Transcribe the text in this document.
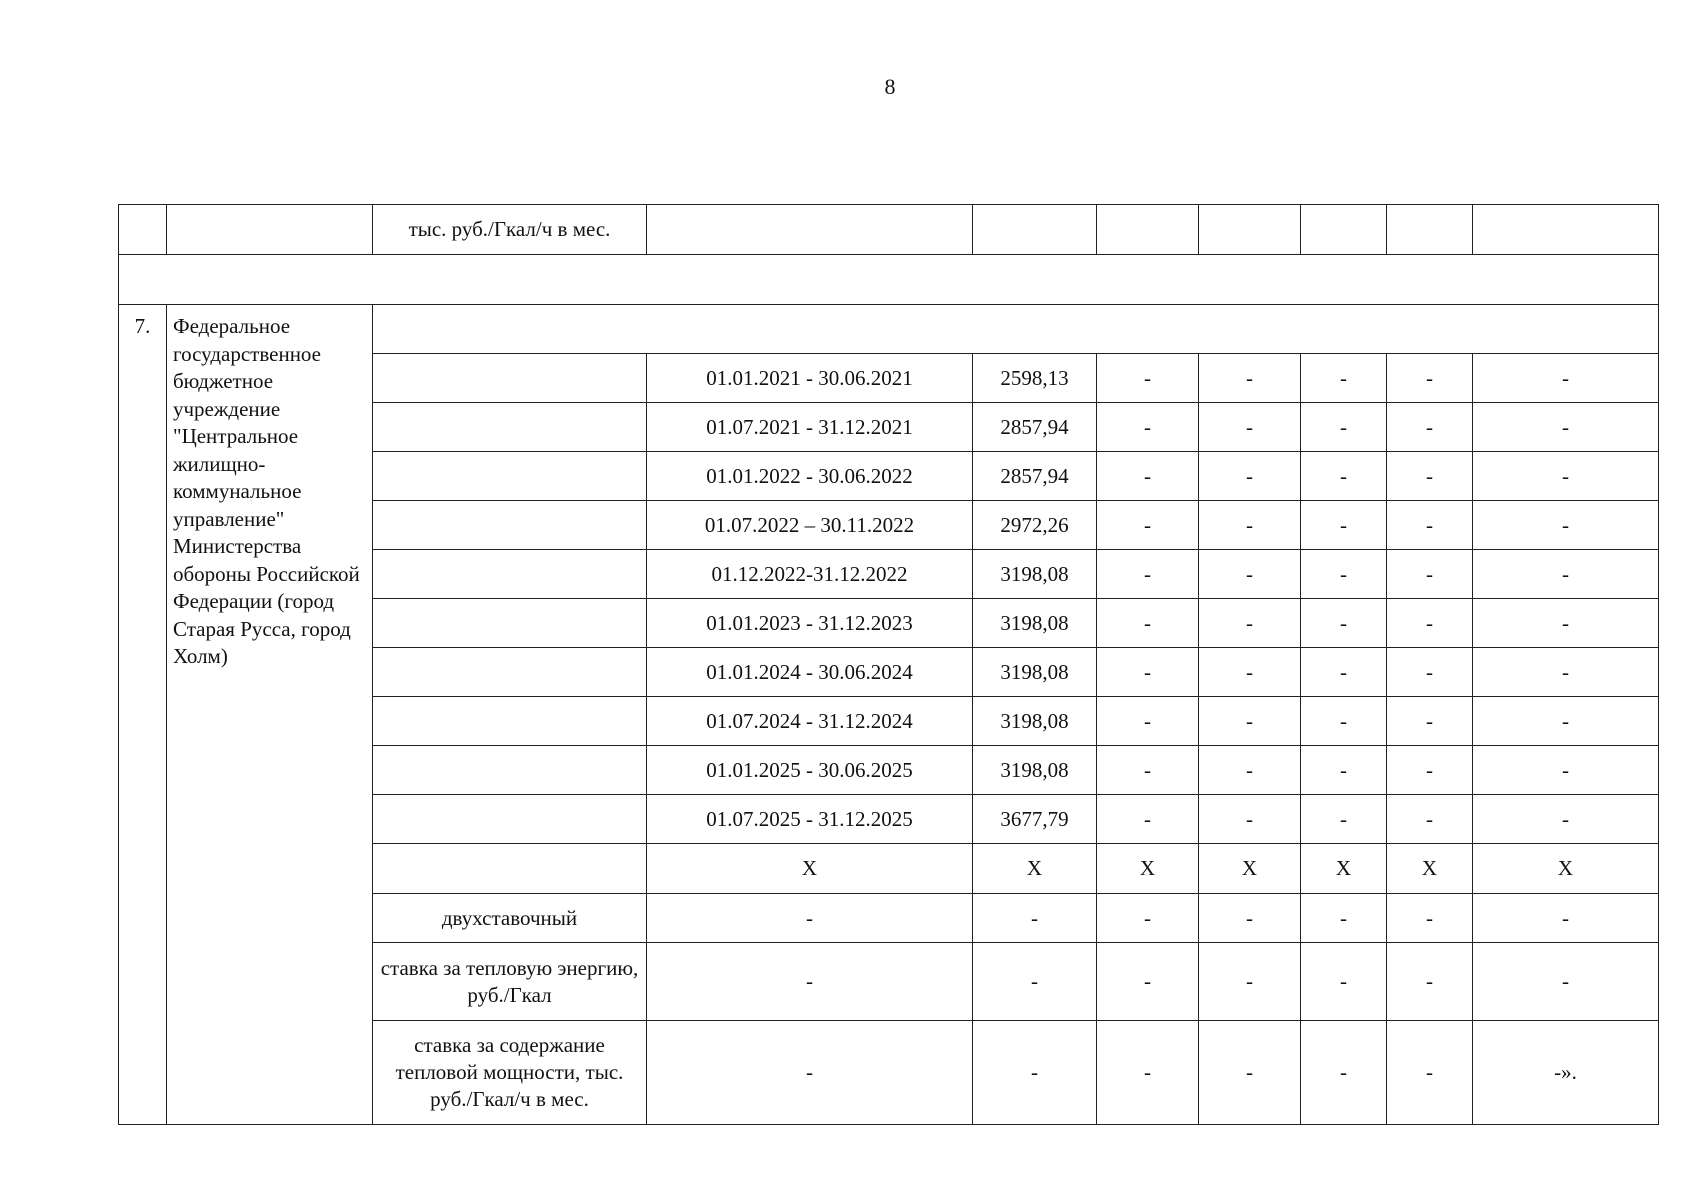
8
		тыс. руб./Гкал/ч в мес.							

7.	Федеральное государственное бюджетное учреждение "Центральное жилищно-коммунальное управление" Министерства обороны Российской Федерации (город Старая Русса, город Холм)								
			01.01.2021 - 30.06.2021	2598,13	-	-	-	-	-
			01.07.2021 - 31.12.2021	2857,94	-	-	-	-	-
			01.01.2022 - 30.06.2022	2857,94	-	-	-	-	-
			01.07.2022 – 30.11.2022	2972,26	-	-	-	-	-
			01.12.2022-31.12.2022	3198,08	-	-	-	-	-
			01.01.2023 - 31.12.2023	3198,08	-	-	-	-	-
			01.01.2024 - 30.06.2024	3198,08	-	-	-	-	-
			01.07.2024 - 31.12.2024	3198,08	-	-	-	-	-
			01.01.2025 - 30.06.2025	3198,08	-	-	-	-	-
			01.07.2025 - 31.12.2025	3677,79	-	-	-	-	-
			X	X	X	X	X	X	X
		двухставочный	-	-	-	-	-	-	-
		ставка за тепловую энергию, руб./Гкал	-	-	-	-	-	-	-
		ставка за содержание тепловой мощности, тыс. руб./Гкал/ч в мес.	-	-	-	-	-	-	-».
